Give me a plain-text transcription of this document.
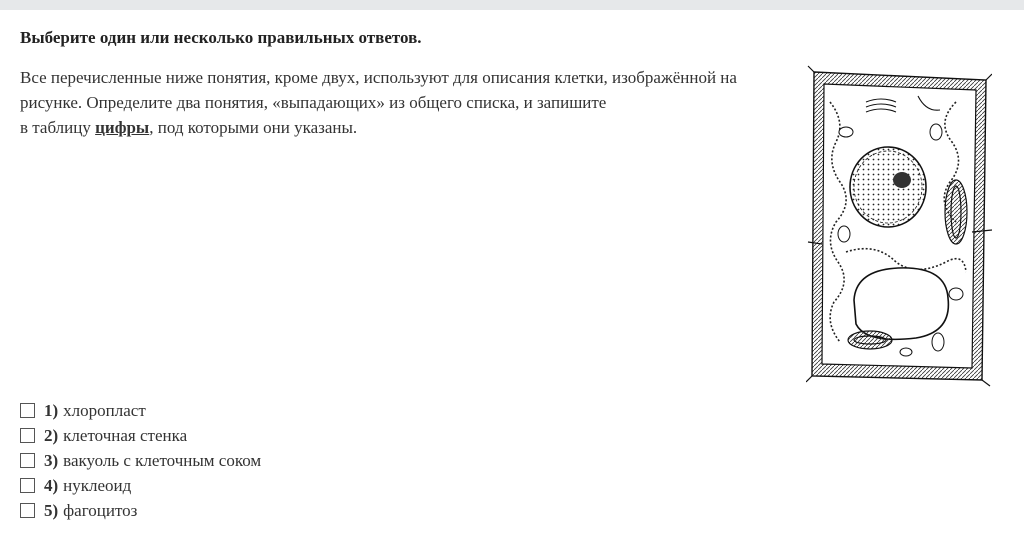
Выберите один или несколько правильных ответов.

Все перечисленные ниже понятия, кроме двух, используют для описания клетки, изображённой на рисунке. Определите два понятия, «выпадающих» из общего списка, и запишите
в таблицу цифры, под которыми они указаны.

1) хлоропласт
2) клеточная стенка
3) вакуоль с клеточным соком
4) нуклеоид
5) фагоцитоз
